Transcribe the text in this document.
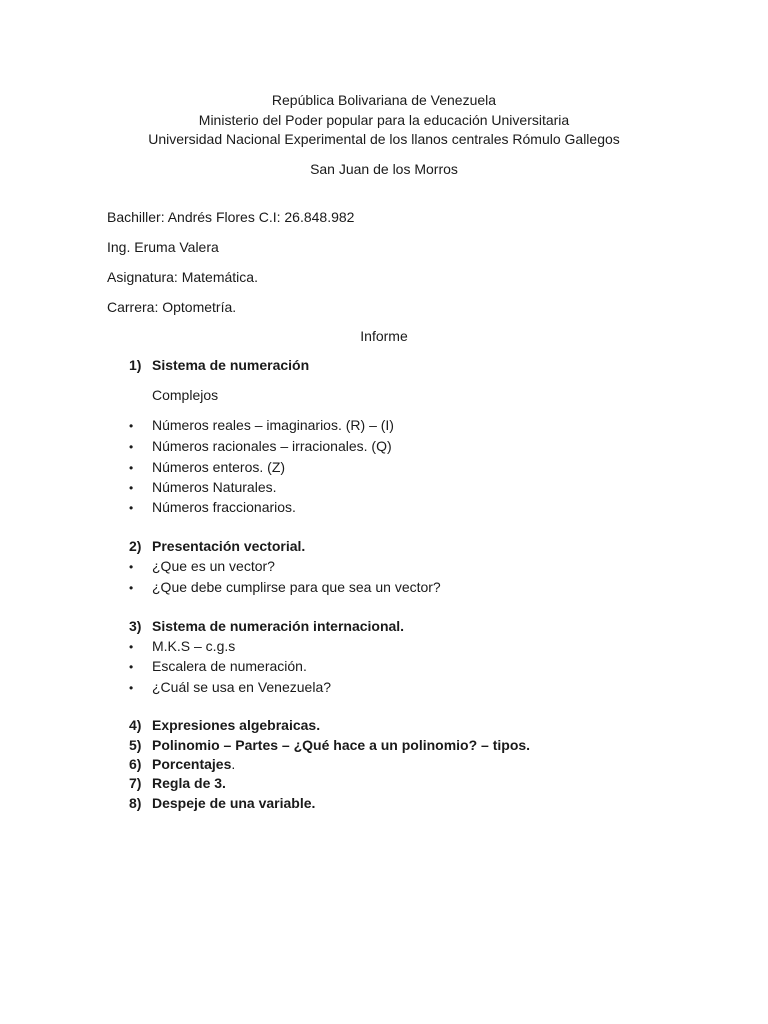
República Bolivariana de Venezuela
Ministerio del Poder popular para la educación Universitaria
Universidad Nacional Experimental de los llanos centrales Rómulo Gallegos
San Juan de los Morros
Bachiller: Andrés Flores C.I: 26.848.982
Ing. Eruma Valera
Asignatura: Matemática.
Carrera: Optometría.
Informe
1) Sistema de numeración
Complejos
• Números reales – imaginarios. (R) – (I)
• Números racionales – irracionales. (Q)
• Números enteros. (Z)
• Números Naturales.
• Números fraccionarios.
2) Presentación vectorial.
• ¿Que es un vector?
• ¿Que debe cumplirse para que sea un vector?
3) Sistema de numeración internacional.
• M.K.S – c.g.s
• Escalera de numeración.
• ¿Cuál se usa en Venezuela?
4) Expresiones algebraicas.
5) Polinomio – Partes – ¿Qué hace a un polinomio? – tipos.
6) Porcentajes.
7) Regla de 3.
8) Despeje de una variable.
